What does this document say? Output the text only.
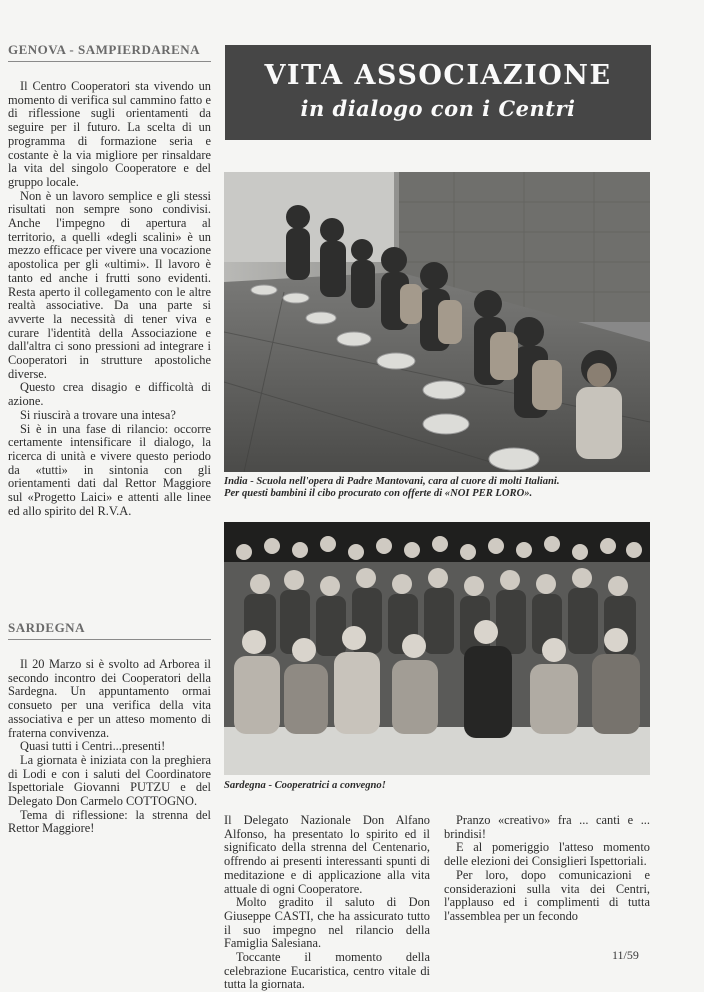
GENOVA - SAMPIERDARENA

Il Centro Cooperatori sta vivendo un momento di verifica sul cammino fatto e di riflessione sugli orientamenti da seguire per il futuro. La scelta di un programma di formazione seria e costante è la via migliore per rinsaldare la vita del singolo Cooperatore e del gruppo locale.

Non è un lavoro semplice e gli stessi risultati non sempre sono condivisi. Anche l'impegno di apertura al territorio, a quelli «degli scalini» è un mezzo efficace per vivere una vocazione apostolica per gli «ultimi». Il lavoro è tanto ed anche i frutti sono evidenti. Resta aperto il collegamento con le altre realtà associative. Da una parte si avverte la necessità di tener viva e curare l'identità della Associazione e dall'altra ci sono pressioni ad integrare i Cooperatori in strutture apostoliche diverse.

Questo crea disagio e difficoltà di azione.

Si riuscirà a trovare una intesa?

Si è in una fase di rilancio: occorre certamente intensificare il dialogo, la ricerca di unità e vivere questo periodo da «tutti» in sintonia con gli orientamenti dati dal Rettor Maggiore sul «Progetto Laici» e attenti alle linee ed allo spirito del R.V.A.

SARDEGNA

Il 20 Marzo si è svolto ad Arborea il secondo incontro dei Cooperatori della Sardegna. Un appuntamento ormai consueto per una verifica della vita associativa e per un atteso momento di fraterna convivenza.

Quasi tutti i Centri...presenti!

La giornata è iniziata con la preghiera di Lodi e con i saluti del Coordinatore Ispettoriale Giovanni PUTZU e del Delegato Don Carmelo COTTOGNO.

Tema di riflessione: la strenna del Rettor Maggiore!

VITA ASSOCIAZIONE
in dialogo con i Centri
India - Scuola nell'opera di Padre Mantovani, cara al cuore di molti Italiani.
Per questi bambini il cibo procurato con offerte di «NOI PER LORO».
Sardegna - Cooperatrici a convegno!

Il Delegato Nazionale Don Alfano Alfonso, ha presentato lo spirito ed il significato della strenna del Centenario, offrendo ai presenti interessanti spunti di meditazione e di applicazione alla vita attuale di ogni Cooperatore.

Molto gradito il saluto di Don Giuseppe CASTI, che ha assicurato tutto il suo impegno nel rilancio della Famiglia Salesiana.

Toccante il momento della celebrazione Eucaristica, centro vitale di tutta la giornata.

Pranzo «creativo» fra ... canti e ... brindisi!

E al pomeriggio l'atteso momento delle elezioni dei Consiglieri Ispettoriali.

Per loro, dopo comunicazioni e considerazioni sulla vita dei Centri, l'applauso ed i complimenti di tutta l'assemblea per un fecondo

11/59
